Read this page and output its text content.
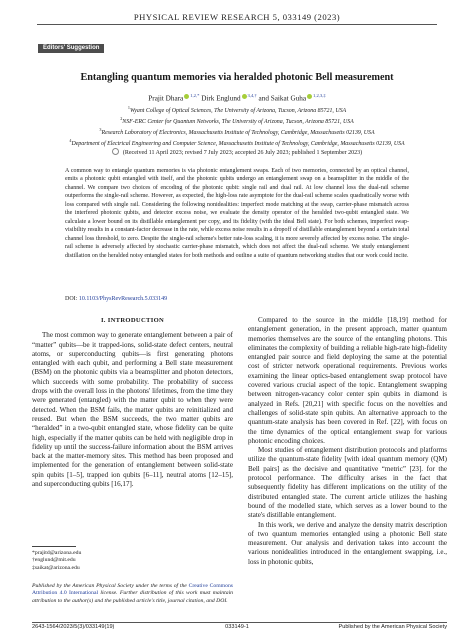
PHYSICAL REVIEW RESEARCH 5, 033149 (2023)
Editors' Suggestion
Entangling quantum memories via heralded photonic Bell measurement
Prajit Dhara $^{1,2,*}$ Dirk Englund $^{3,4,\dagger}$ and Saikat Guha $^{1,2,3,\ddagger}$
$^1$Wyant College of Optical Sciences, The University of Arizona, Tucson, Arizona 85721, USA
$^2$NSF-ERC Center for Quantum Networks, The University of Arizona, Tucson, Arizona 85721, USA
$^3$Research Laboratory of Electronics, Massachusetts Institute of Technology, Cambridge, Massachusetts 02139, USA
$^4$Department of Electrical Engineering and Computer Science, Massachusetts Institute of Technology, Cambridge, Massachusetts 02139, USA
(Received 11 April 2023; revised 7 July 2023; accepted 26 July 2023; published 1 September 2023)
A common way to entangle quantum memories is via photonic entanglement swaps. Each of two memories, connected by an optical channel, emits a photonic qubit entangled with itself, and the photonic qubits undergo an entanglement swap on a beamsplitter in the middle of the channel. We compare two choices of encoding of the photonic qubit: single rail and dual rail. At low channel loss the dual-rail scheme outperforms the single-rail scheme. However, as expected, the high-loss rate asymptote for the dual-rail scheme scales quadratically worse with loss compared with single rail. Considering the following nonidealities: imperfect mode matching at the swap, carrier-phase mismatch across the interfered photonic qubits, and detector excess noise, we evaluate the density operator of the heralded two-qubit entangled state. We calculate a lower bound on its distillable entanglement per copy, and its fidelity (with the ideal Bell state). For both schemes, imperfect swap-visibility results in a constant-factor decrease in the rate, while excess noise results in a dropoff of distillable entanglement beyond a certain total channel loss threshold, to zero. Despite the single-rail scheme's better rate-loss scaling, it is more severely affected by excess noise. The single-rail scheme is adversely affected by stochastic carrier-phase mismatch, which does not affect the dual-rail scheme. We study entanglement distillation on the heralded noisy entangled states for both methods and outline a suite of quantum networking studies that our work could incite.
DOI: 10.1103/PhysRevResearch.5.033149
I. INTRODUCTION
The most common way to generate entanglement between a pair of “matter” qubits—be it trapped-ions, solid-state defect centers, neutral atoms, or superconducting qubits—is first generating photons entangled with each qubit, and performing a Bell state measurement (BSM) on the photonic qubits via a beamsplitter and photon detectors, which succeeds with some probability. The probability of success drops with the overall loss in the photons' lifetimes, from the time they were generated (entangled) with the matter qubit to when they were detected. When the BSM fails, the matter qubits are reinitialized and reused. But when the BSM succeeds, the two matter qubits are “heralded” in a two-qubit entangled state, whose fidelity can be quite high, especially if the matter qubits can be held with negligible drop in fidelity up until the success-failure information about the BSM arrives back at the matter-memory sites. This method has been proposed and implemented for the generation of entanglement between solid-state spin qubits [1–5], trapped ion qubits [6–11], neutral atoms [12–15], and superconducting qubits [16,17].
*prajitd@arizona.edu
†englund@mit.edu
‡saikat@arizona.edu
Published by the American Physical Society under the terms of the Creative Commons Attribution 4.0 International license. Further distribution of this work must maintain attribution to the author(s) and the published article's title, journal citation, and DOI.
Compared to the source in the middle [18,19] method for entanglement generation, in the present approach, matter quantum memories themselves are the source of the entangling photons. This eliminates the complexity of building a reliable high-rate high-fidelity entangled pair source and field deploying the same at the potential cost of stricter network operational requirements. Previous works examining the linear optics-based entanglement swap protocol have covered various crucial aspect of the topic. Entanglement swapping between nitrogen-vacancy color center spin qubits in diamond is analyzed in Refs. [20,21] with specific focus on the noveltíes and challenges of solid-state spin qubits. An alternative approach to the quantum-state analysis has been covered in Ref. [22], with focus on the time dynamics of the optical entanglement swap for various photonic encoding choices.
Most studies of entanglement distribution protocols and platforms utilize the quantum-state fidelity [with ideal quantum memory (QM) Bell pairs] as the decisive and quantitative “metric” [23]. for the protocol performance. The difficulty arises in the fact that subsequently fidelity has different implications on the utility of the distributed entangled state. The current article utilizes the hashing bound of the modelled state, which serves as a lower bound to the state's distillable entanglement.
In this work, we derive and analyze the density matrix description of two quantum memories entangled using a photonic Bell state measurement. Our analysis and derivation takes into account the various nonidealities introduced in the entanglement swapping, i.e., loss in photonic qubits,
2643-1564/2023/5(3)/033149(19)	033149-1	Published by the American Physical Society
